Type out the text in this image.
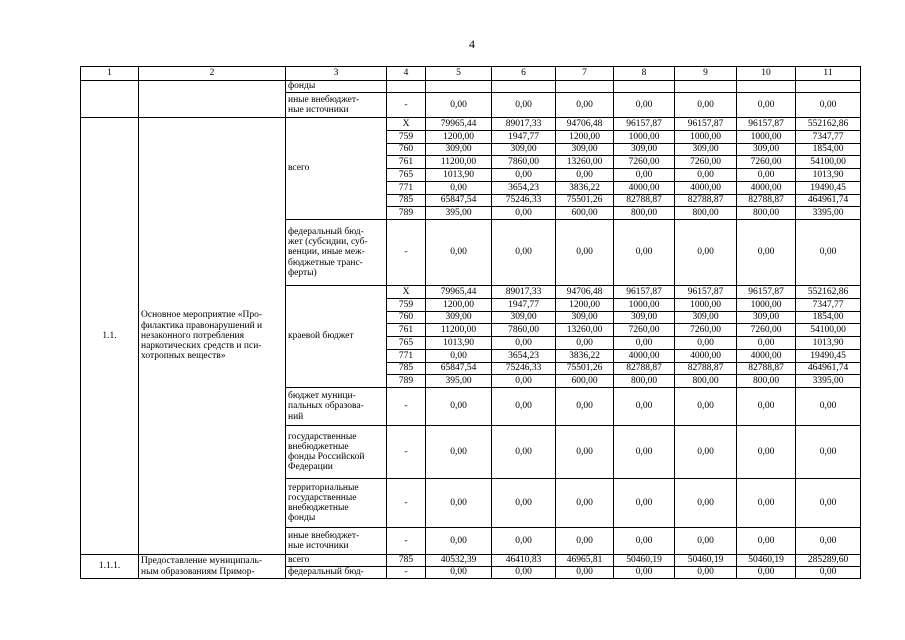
4
1	2	3	4	5	6	7	8	9	10	11
		фонды								
		иные внебюджет-
ные источники	-	0,00	0,00	0,00	0,00	0,00	0,00	0,00
1.1.	Основное мероприятие «Про-
филактика правонарушений и
незаконного потребления
наркотических средств и пси-
хотропных веществ»	всего	Х	79965,44	89017,33	94706,48	96157,87	96157,87	96157,87	552162,86
			759	1200,00	1947,77	1200,00	1000,00	1000,00	1000,00	7347,77
			760	309,00	309,00	309,00	309,00	309,00	309,00	1854,00
			761	11200,00	7860,00	13260,00	7260,00	7260,00	7260,00	54100,00
			765	1013,90	0,00	0,00	0,00	0,00	0,00	1013,90
			771	0,00	3654,23	3836,22	4000,00	4000,00	4000,00	19490,45
			785	65847,54	75246,33	75501,26	82788,87	82788,87	82788,87	464961,74
			789	395,00	0,00	600,00	800,00	800,00	800,00	3395,00
		федеральный бюд-
жет (субсидии, суб-
венции, иные меж-
бюджетные транс-
ферты)	-	0,00	0,00	0,00	0,00	0,00	0,00	0,00
		краевой бюджет	Х	79965,44	89017,33	94706,48	96157,87	96157,87	96157,87	552162,86
			759	1200,00	1947,77	1200,00	1000,00	1000,00	1000,00	7347,77
			760	309,00	309,00	309,00	309,00	309,00	309,00	1854,00
			761	11200,00	7860,00	13260,00	7260,00	7260,00	7260,00	54100,00
			765	1013,90	0,00	0,00	0,00	0,00	0,00	1013,90
			771	0,00	3654,23	3836,22	4000,00	4000,00	4000,00	19490,45
			785	65847,54	75246,33	75501,26	82788,87	82788,87	82788,87	464961,74
			789	395,00	0,00	600,00	800,00	800,00	800,00	3395,00
		бюджет муници-
пальных образова-
ний	-	0,00	0,00	0,00	0,00	0,00	0,00	0,00
		государственные
внебюджетные
фонды Российской
Федерации	-	0,00	0,00	0,00	0,00	0,00	0,00	0,00
		территориальные
государственные
внебюджетные
фонды	-	0,00	0,00	0,00	0,00	0,00	0,00	0,00
		иные внебюджет-
ные источники	-	0,00	0,00	0,00	0,00	0,00	0,00	0,00
1.1.1.	Предоставление муниципаль-
ным образованиям Примор-	всего	785	40532,39	46410,83	46965,81	50460,19	50460,19	50460,19	285289,60
		федеральный бюд-	-	0,00	0,00	0,00	0,00	0,00	0,00	0,00
